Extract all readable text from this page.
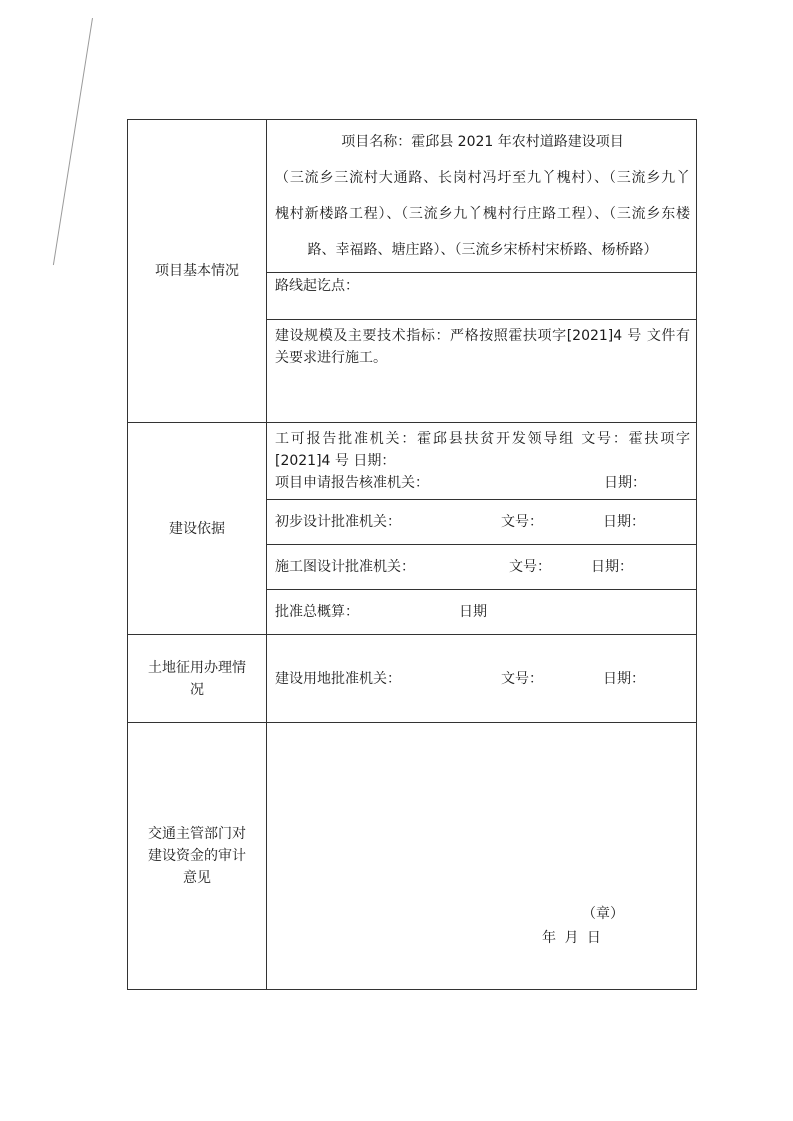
项目基本情况	项目名称：霍邱县 2021 年农村道路建设项目
（三流乡三流村大通路、长岗村冯圩至九丫槐村）、（三流乡九丫
槐村新楼路工程）、（三流乡九丫槐村行庄路工程）、（三流乡东楼
路、幸福路、塘庄路）、（三流乡宋桥村宋桥路、杨桥路）

	路线起讫点：

	建设规模及主要技术指标：严格按照霍扶项字[2021]4 号 文件有
关要求进行施工。

建设依据	工可报告批准机关：霍邱县扶贫开发领导组 文号：霍扶项字
[2021]4 号 日期：
项目申请报告核准机关： 日期：

	初步设计批准机关： 文号： 日期：
	施工图设计批准机关： 文号： 日期：
	批准总概算： 日期
土地征用办理情况	建设用地批准机关： 文号： 日期：
交通主管部门对建设资金的审计意见	（章）
年 月 日
